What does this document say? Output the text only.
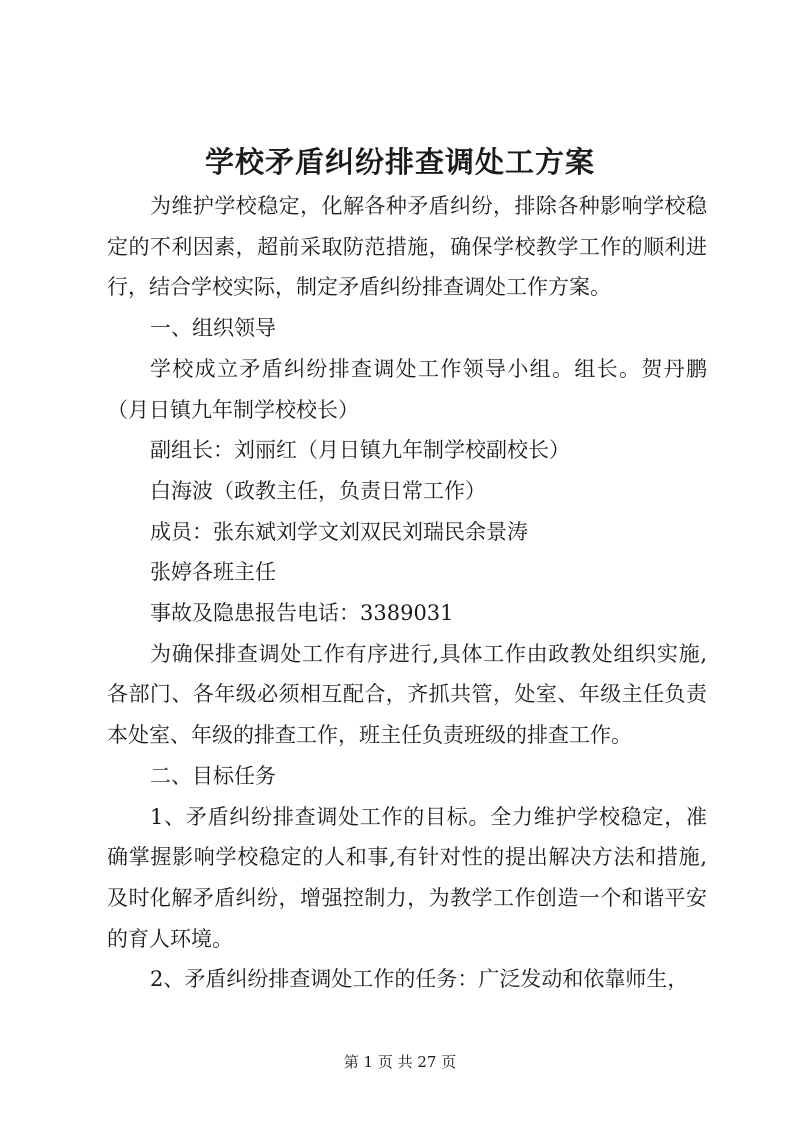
学校矛盾纠纷排查调处工方案

为维护学校稳定，化解各种矛盾纠纷，排除各种影响学校稳定的不利因素，超前采取防范措施，确保学校教学工作的顺利进行，结合学校实际，制定矛盾纠纷排查调处工作方案。

一、组织领导

学校成立矛盾纠纷排查调处工作领导小组。组长。贺丹鹏（月日镇九年制学校校长）

副组长：刘丽红（月日镇九年制学校副校长）

白海波（政教主任，负责日常工作）

成员：张东斌刘学文刘双民刘瑞民余景涛

张婷各班主任

事故及隐患报告电话：3389031

为确保排查调处工作有序进行,具体工作由政教处组织实施,各部门、各年级必须相互配合，齐抓共管，处室、年级主任负责本处室、年级的排查工作，班主任负责班级的排查工作。

二、目标任务

1、矛盾纠纷排查调处工作的目标。全力维护学校稳定，准确掌握影响学校稳定的人和事,有针对性的提出解决方法和措施,及时化解矛盾纠纷，增强控制力，为教学工作创造一个和谐平安的育人环境。

2、矛盾纠纷排查调处工作的任务：广泛发动和依靠师生，

第 1 页 共 27 页
